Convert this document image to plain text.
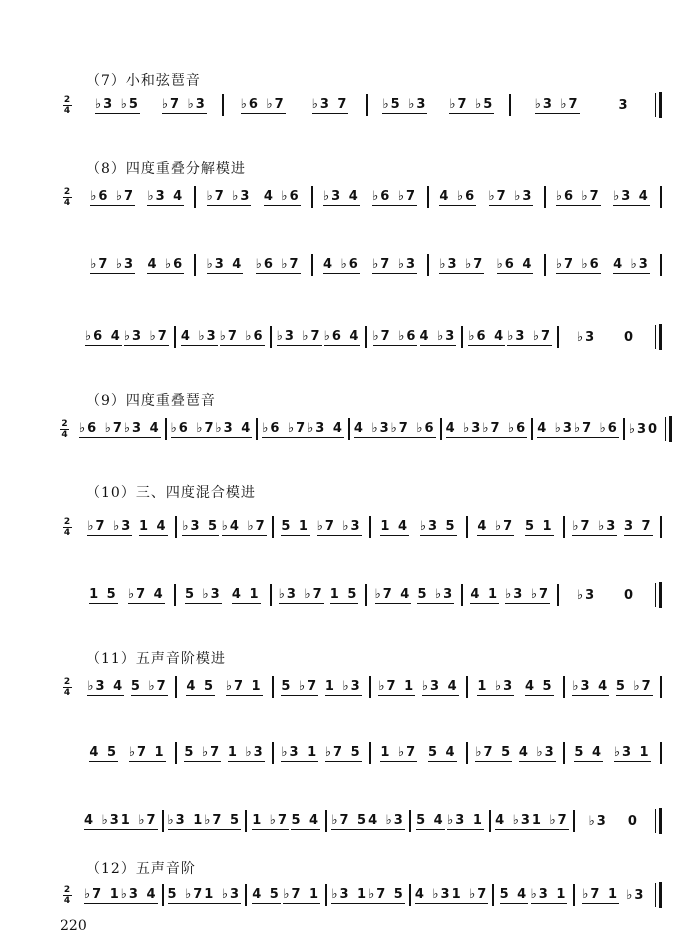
220
（7）小和弦琶音
2
4 ♭3 ♭5 ♭7 ♭3	♭6 ♭7 ♭3 7	♭5 ♭3 ♭7 ♭5	♭3 ♭7	3
（8）四度重叠分解模进
2
4 ♭6 ♭7 ♭3 4 ♭7 ♭3 4 ♭6 ♭3 4 ♭6 ♭7 4 ♭6 ♭7 ♭3 ♭6 ♭7 ♭3 4
♭7 ♭3 4 ♭6 ♭3 4 ♭6 ♭7 4 ♭6 ♭7 ♭3 ♭3 ♭7 ♭6 4 ♭7 ♭6 4 ♭3
♭6 4 ♭3 ♭7 4 ♭3 ♭7 ♭6 ♭3 ♭7 ♭6 4 ♭7 ♭6 4 ♭3 ♭6 4 ♭3 ♭7 ♭3 0
（9）四度重叠琶音
2
4 ♭6 ♭7 ♭3 4 ♭6 ♭7 ♭3 4 ♭6 ♭7 ♭3 4 4 ♭3 ♭7 ♭6 4 ♭3 ♭7 ♭6 4 ♭3 ♭7 ♭6 ♭3 0
（10）三、四度混合模进
2
4 ♭7 ♭3 1 4 ♭3 5 ♭4 ♭7 5 1 ♭7 ♭3 1 4 ♭3 5 4 ♭7 5 1 ♭7 ♭3 3 7
1 5 ♭7 4 5 ♭3 4 1 ♭3 ♭7 1 5 ♭7 4 5 ♭3 4 1 ♭3 ♭7 ♭3 0
（11）五声音阶模进
2
4 ♭3 4 5 ♭7 4 5 ♭7 1 5 ♭7 1 ♭3 ♭7 1 ♭3 4 1 ♭3 4 5 ♭3 4 5 ♭7
4 5 ♭7 1 5 ♭7 1 ♭3 ♭3 1 ♭7 5 1 ♭7 5 4 ♭7 5 4 ♭3 5 4 ♭3 1
4 ♭3 1 ♭7 ♭3 1 ♭7 5 1 ♭7 5 4 ♭7 5 4 ♭3 5 4 ♭3 1 4 ♭3 1 ♭7 ♭3 0
（12）五声音阶
2
4 ♭7 1 ♭3 4 5 ♭7 1 ♭3 4 5 ♭7 1 ♭3 1 ♭7 5 4 ♭3 1 ♭7 5 4 ♭3 1 ♭7 1 ♭3
